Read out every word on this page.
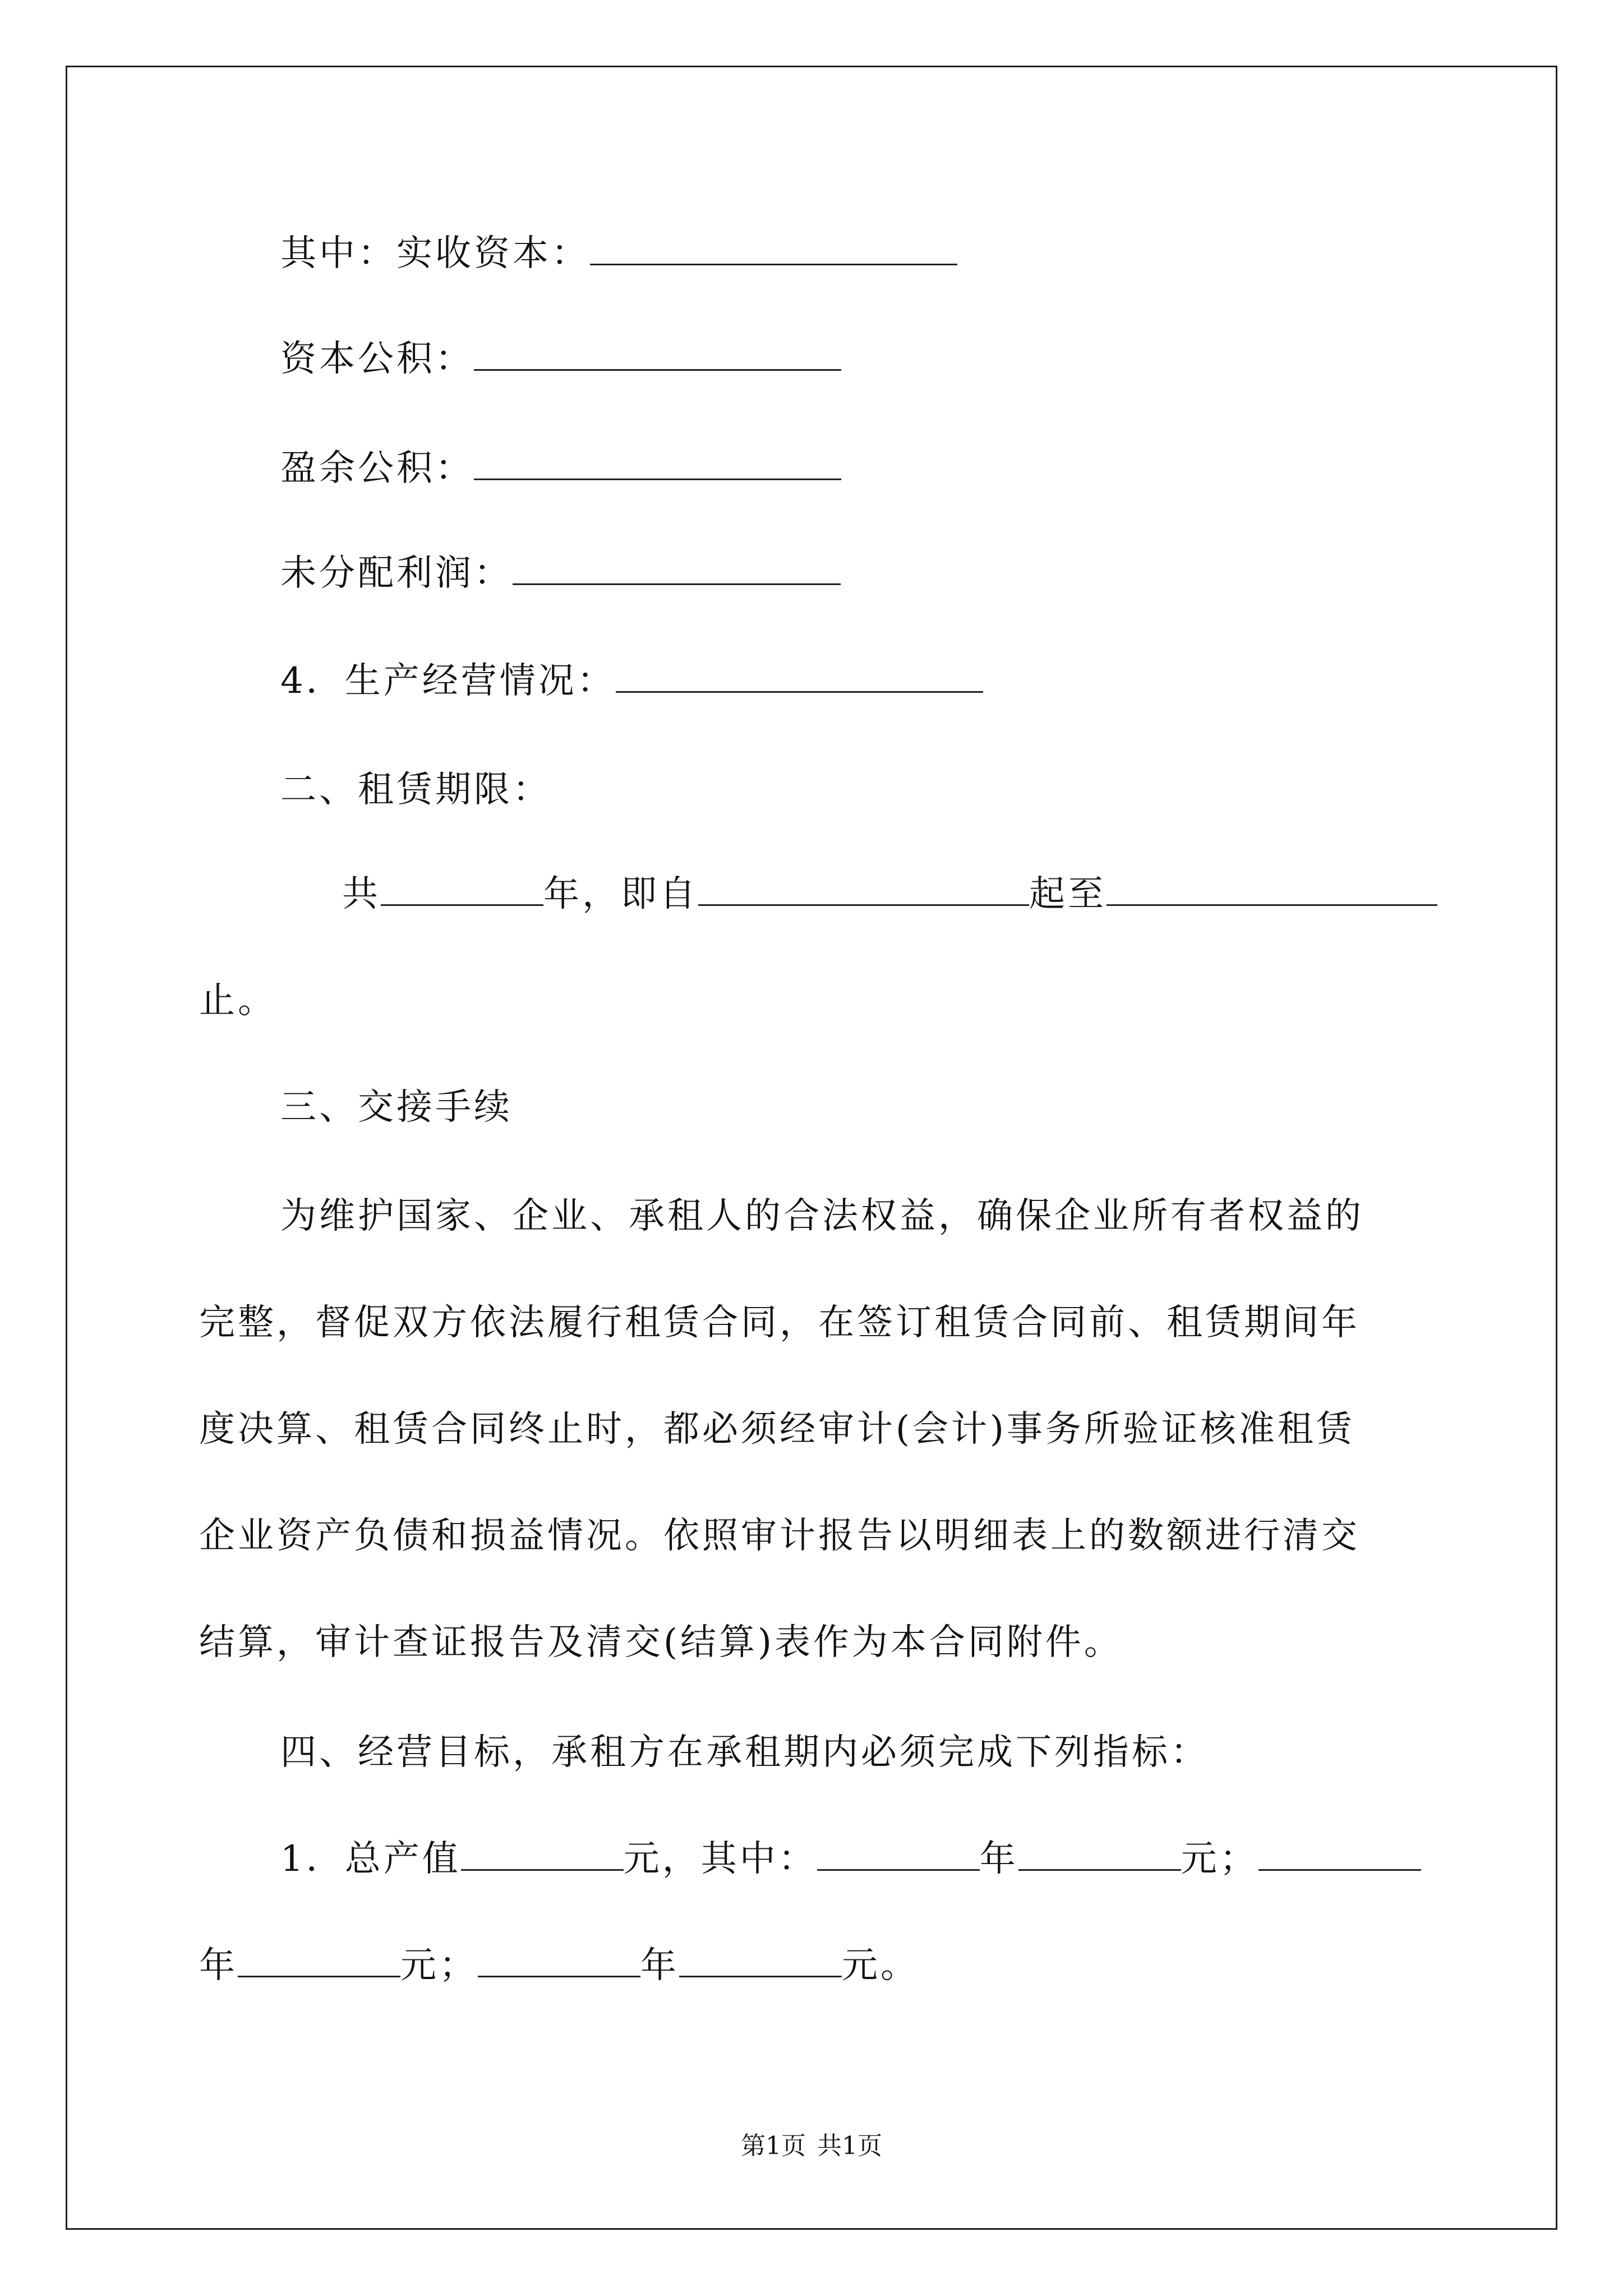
其中：实收资本：
资本公积：
盈余公积：
未分配利润：
4．生产经营情况：
二、租赁期限：
共	年，即自	起至
止。
三、交接手续
为维护国家、企业、承租人的合法权益，确保企业所有者权益的
完整，督促双方依法履行租赁合同，在签订租赁合同前、租赁期间年
度决算、租赁合同终止时，都必须经审计(会计)事务所验证核准租赁
企业资产负债和损益情况。依照审计报告以明细表上的数额进行清交
结算，审计查证报告及清交(结算)表作为本合同附件。
四、经营目标，承租方在承租期内必须完成下列指标：
1．总产值	元，其中：	年	元；
年	元；	年	元。
第1页 共1页
